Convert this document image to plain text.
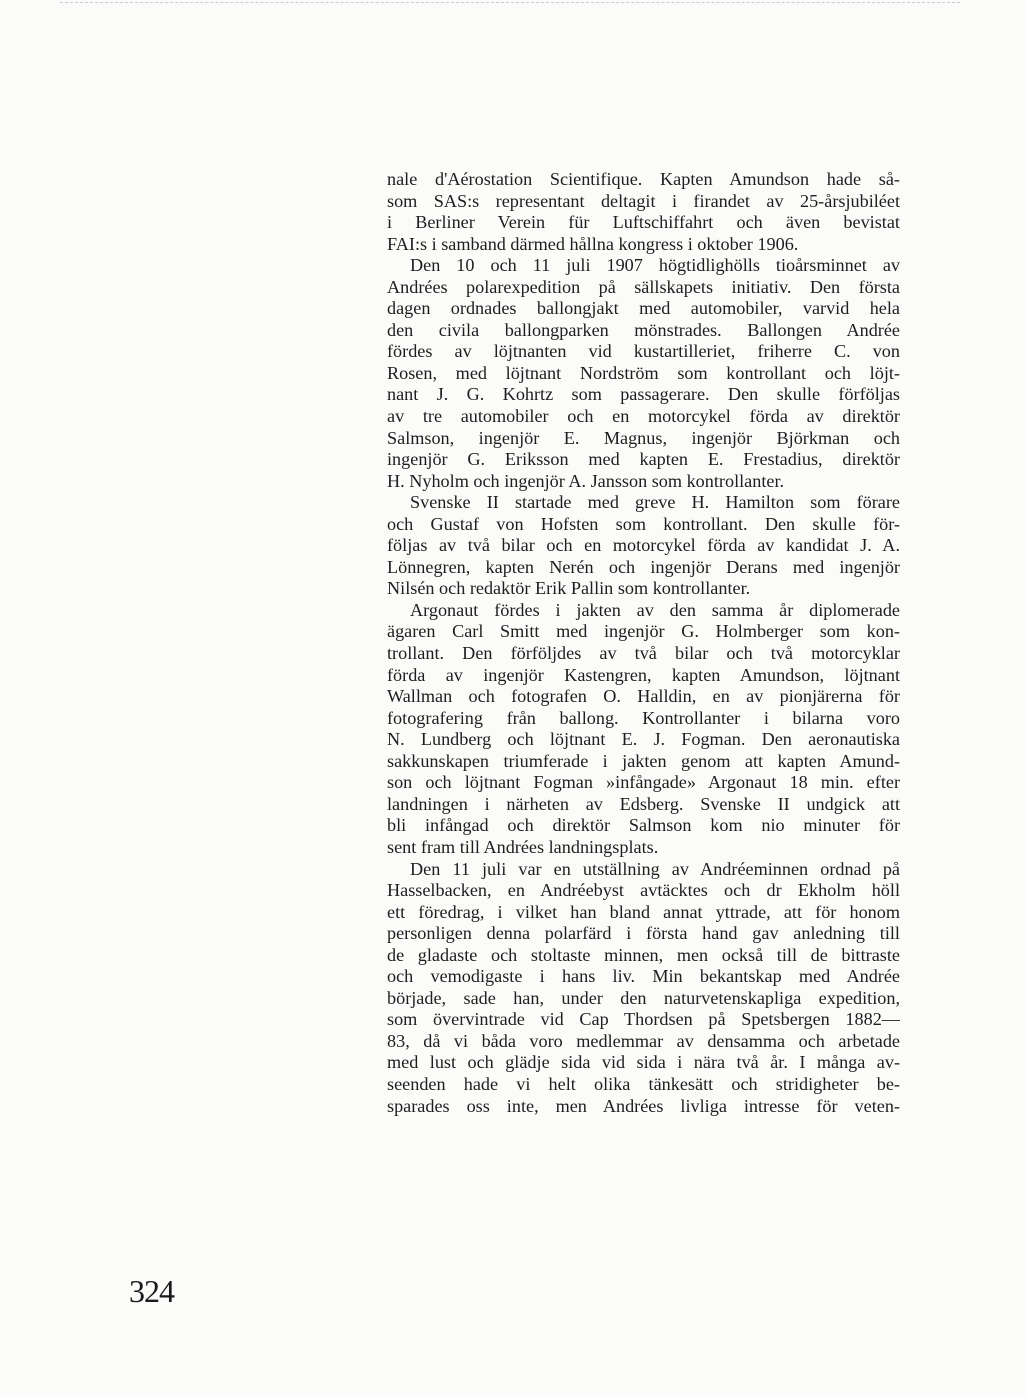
nale d'Aérostation Scientifique. Kapten Amundson hade så-
som SAS:s representant deltagit i firandet av 25-årsjubiléet
i Berliner Verein für Luftschiffahrt och även bevistat
FAI:s i samband därmed hållna kongress i oktober 1906.
Den 10 och 11 juli 1907 högtidlighölls tioårsminnet av
Andrées polarexpedition på sällskapets initiativ. Den första
dagen ordnades ballongjakt med automobiler, varvid hela
den civila ballongparken mönstrades. Ballongen Andrée
fördes av löjtnanten vid kustartilleriet, friherre C. von
Rosen, med löjtnant Nordström som kontrollant och löjt-
nant J. G. Kohrtz som passagerare. Den skulle förföljas
av tre automobiler och en motorcykel förda av direktör
Salmson, ingenjör E. Magnus, ingenjör Björkman och
ingenjör G. Eriksson med kapten E. Frestadius, direktör
H. Nyholm och ingenjör A. Jansson som kontrollanter.
Svenske II startade med greve H. Hamilton som förare
och Gustaf von Hofsten som kontrollant. Den skulle för-
följas av två bilar och en motorcykel förda av kandidat J. A.
Lönnegren, kapten Nerén och ingenjör Derans med ingenjör
Nilsén och redaktör Erik Pallin som kontrollanter.
Argonaut fördes i jakten av den samma år diplomerade
ägaren Carl Smitt med ingenjör G. Holmberger som kon-
trollant. Den förföljdes av två bilar och två motorcyklar
förda av ingenjör Kastengren, kapten Amundson, löjtnant
Wallman och fotografen O. Halldin, en av pionjärerna för
fotografering från ballong. Kontrollanter i bilarna voro
N. Lundberg och löjtnant E. J. Fogman. Den aeronautiska
sakkunskapen triumferade i jakten genom att kapten Amund-
son och löjtnant Fogman »infångade» Argonaut 18 min. efter
landningen i närheten av Edsberg. Svenske II undgick att
bli infångad och direktör Salmson kom nio minuter för
sent fram till Andrées landningsplats.
Den 11 juli var en utställning av Andréeminnen ordnad på
Hasselbacken, en Andréebyst avtäcktes och dr Ekholm höll
ett föredrag, i vilket han bland annat yttrade, att för honom
personligen denna polarfärd i första hand gav anledning till
de gladaste och stoltaste minnen, men också till de bittraste
och vemodigaste i hans liv. Min bekantskap med Andrée
började, sade han, under den naturvetenskapliga expedition,
som övervintrade vid Cap Thordsen på Spetsbergen 1882—
83, då vi båda voro medlemmar av densamma och arbetade
med lust och glädje sida vid sida i nära två år. I många av-
seenden hade vi helt olika tänkesätt och stridigheter be-
sparades oss inte, men Andrées livliga intresse för veten-
324
